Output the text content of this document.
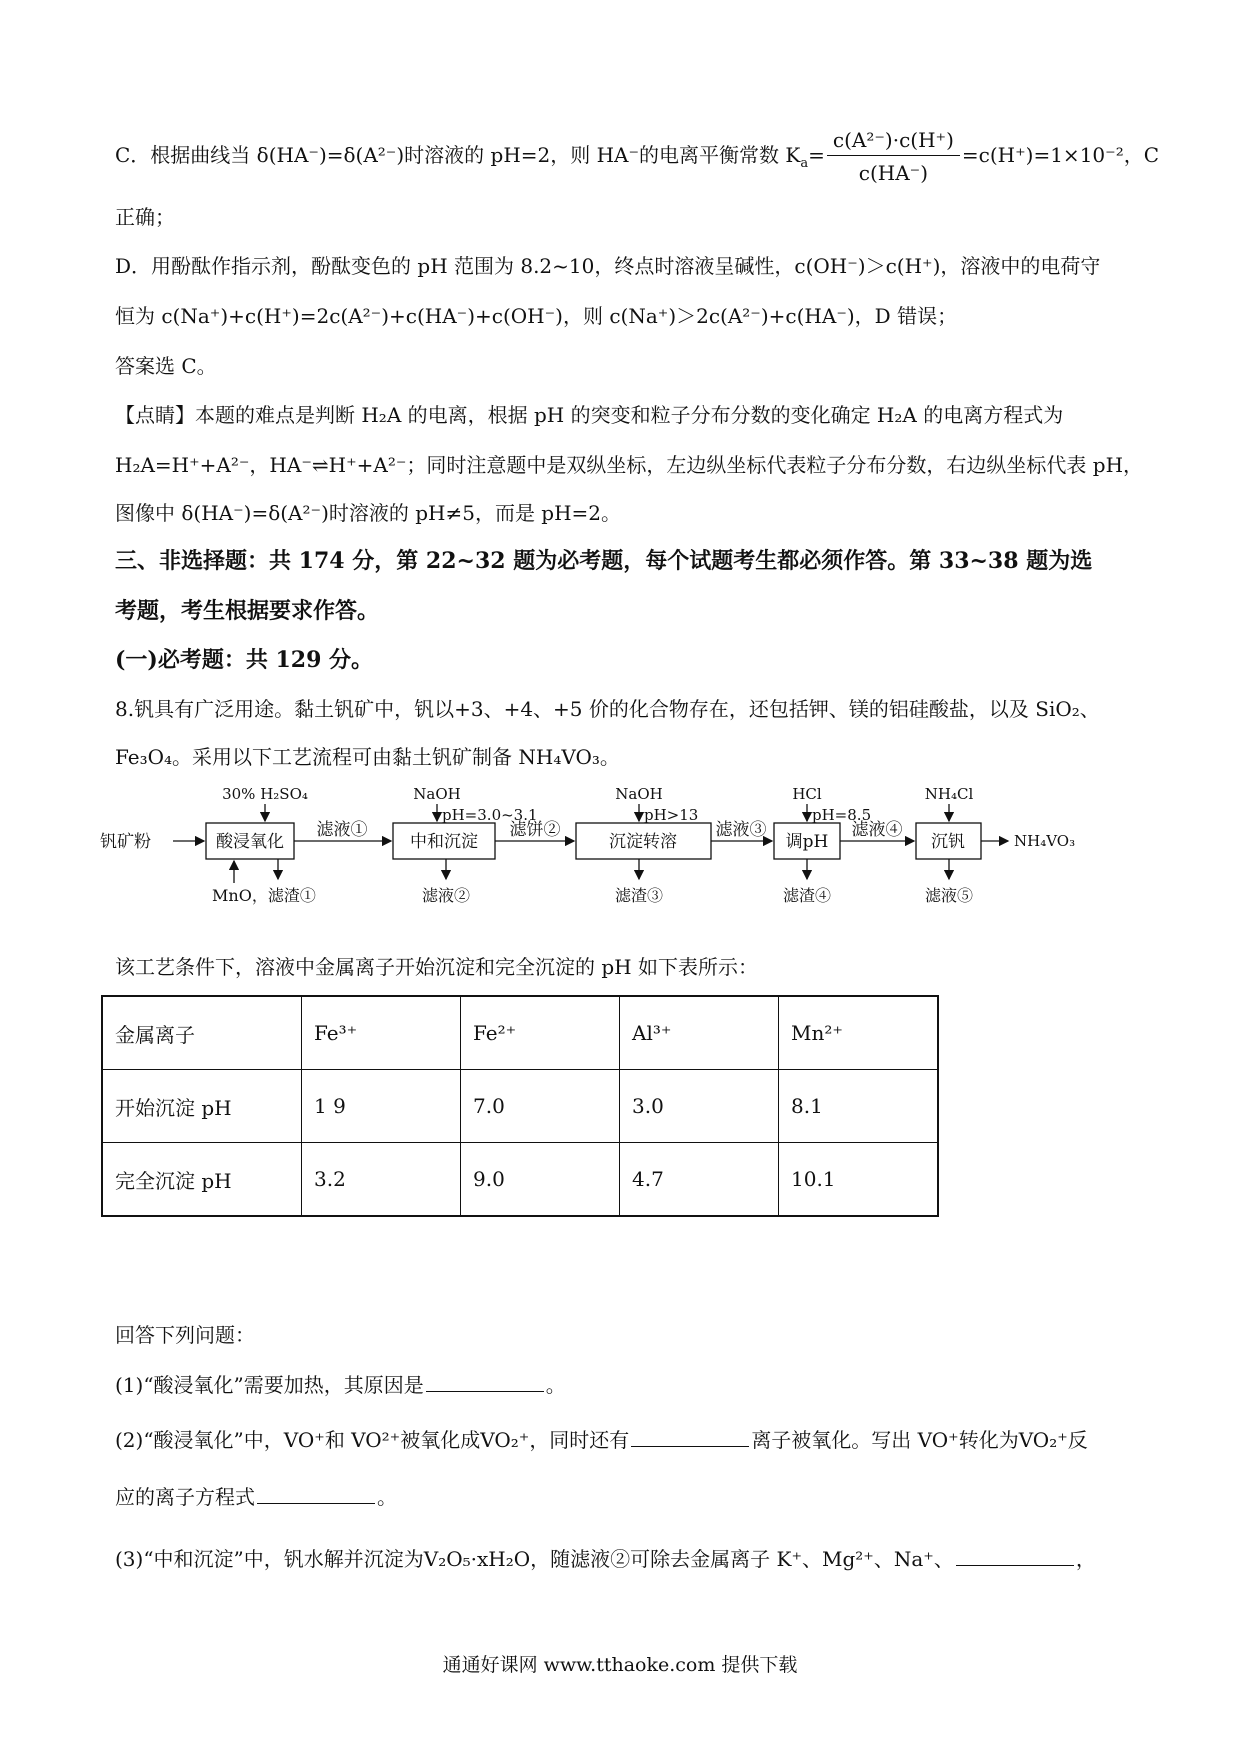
C．根据曲线当 δ(HA⁻)=δ(A²⁻)时溶液的 pH=2，则 HA⁻的电离平衡常数 $K_a= \frac{\text{c(A²⁻)·c(H⁺)}}{c(HA^-)} =c(H^+)=1\times 10^{-2}$，C
正确；
D．用酚酞作指示剂，酚酞变色的 pH 范围为 8.2~10，终点时溶液呈碱性，c(OH⁻)＞c(H⁺)，溶液中的电荷守
恒为 c(Na⁺)+c(H⁺)=2c(A²⁻)+c(HA⁻)+c(OH⁻)，则 c(Na⁺)＞2c(A²⁻)+c(HA⁻)，D 错误；
答案选 C。
【点睛】本题的难点是判断 H₂A 的电离，根据 pH 的突变和粒子分布分数的变化确定 H₂A 的电离方程式为
H₂A=H⁺+A²⁻，HA⁻⇌H⁺+A²⁻；同时注意题中是双纵坐标，左边纵坐标代表粒子分布分数，右边纵坐标代表 pH，
图像中 δ(HA⁻)=δ(A²⁻)时溶液的 pH≠5，而是 pH=2。
三、非选择题：共 174 分，第 22~32 题为必考题，每个试题考生都必须作答。第 33~38 题为选
考题，考生根据要求作答。
(一)必考题：共 129 分。
8.钒具有广泛用途。黏土钒矿中，钒以+3、+4、+5 价的化合物存在，还包括钾、镁的铝硅酸盐，以及 SiO₂、
Fe₃O₄。采用以下工艺流程可由黏土钒矿制备 NH₄VO₃。
钒矿粉	酸浸氧化	中和沉淀	沉淀转溶	调pH	沉钒
30% H₂SO₄	NaOH	NaOH	HCl	NH₄Cl
pH=3.0~3.1	pH>13	pH=8.5
滤液①	滤饼②	滤液③	滤液④
MnO，滤渣①	滤液②	滤渣③	滤渣④	滤液⑤
NH₄VO₃
该工艺条件下，溶液中金属离子开始沉淀和完全沉淀的 pH 如下表所示：
金属离子	Fe³⁺	Fe²⁺	Al³⁺	Mn²⁺
开始沉淀 pH	1 9	7.0	3.0	8.1
完全沉淀 pH	3.2	9.0	4.7	10.1
回答下列问题：
(1)“酸浸氧化”需要加热，其原因是	。
(2)“酸浸氧化”中，VO⁺和 VO²⁺被氧化成VO₂⁺，同时还有	离子被氧化。写出 VO⁺转化为VO₂⁺反
应的离子方程式	。
(3)“中和沉淀”中，钒水解并沉淀为V₂O₅·xH₂O，随滤液②可除去金属离子 K⁺、Mg²⁺、Na⁺、	，
通通好课网 www.tthaoke.com 提供下载
